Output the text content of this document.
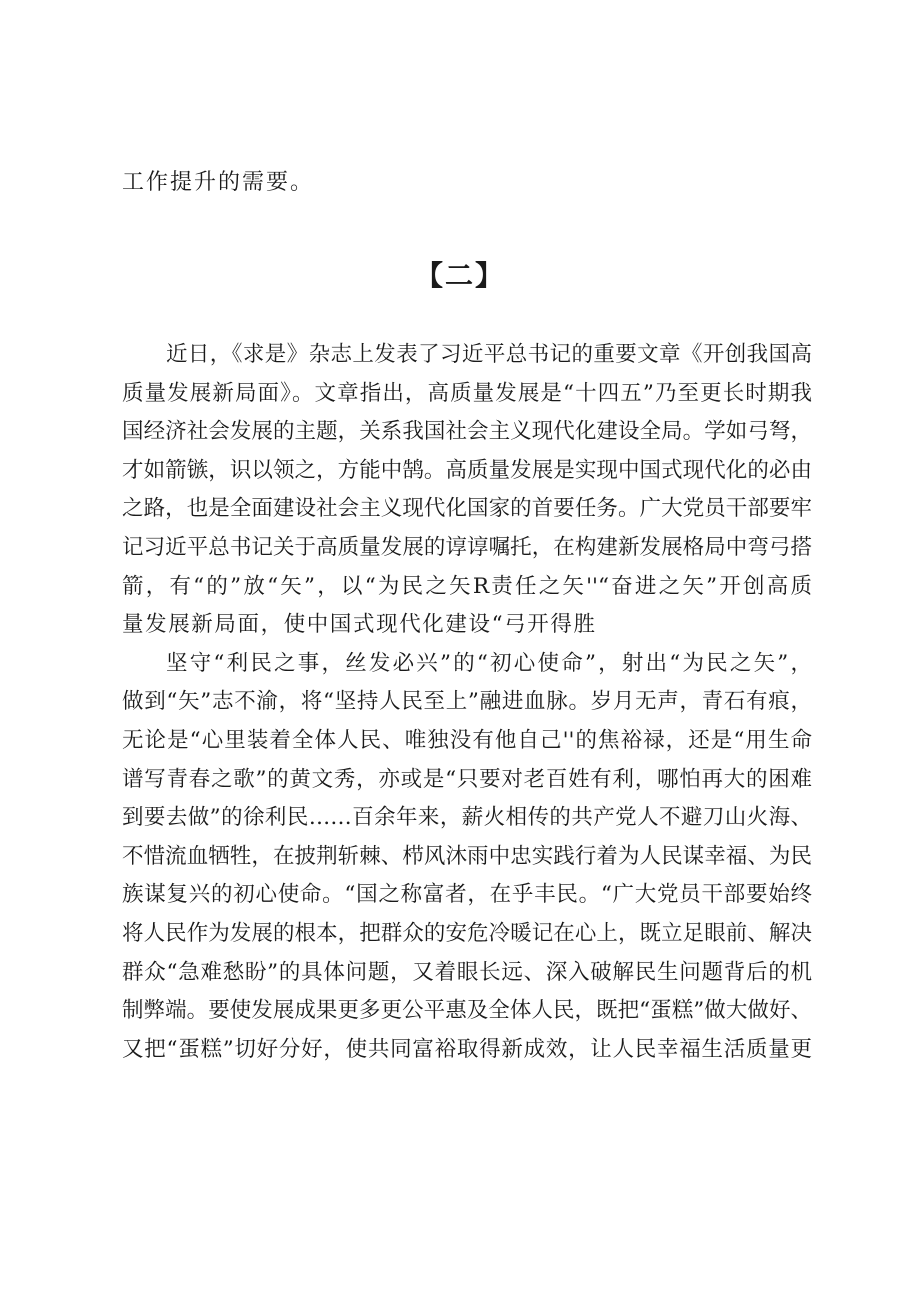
工作提升的需要。
【二】
近日，《求是》杂志上发表了习近平总书记的重要文章《开创我国高
质量发展新局面》。文章指出，高质量发展是“十四五”乃至更长时期我
国经济社会发展的主题，关系我国社会主义现代化建设全局。学如弓弩，
才如箭镞，识以领之，方能中鹄。高质量发展是实现中国式现代化的必由
之路，也是全面建设社会主义现代化国家的首要任务。广大党员干部要牢
记习近平总书记关于高质量发展的谆谆嘱托，在构建新发展格局中弯弓搭
箭，有“的”放“矢”，以“为民之矢R责任之矢''“奋进之矢”开创高质
量发展新局面，使中国式现代化建设“弓开得胜
坚守“利民之事，丝发必兴”的“初心使命”，射出“为民之矢”，
做到“矢”志不渝，将“坚持人民至上”融进血脉。岁月无声，青石有痕，
无论是“心里装着全体人民、唯独没有他自己''的焦裕禄，还是“用生命
谱写青春之歌”的黄文秀，亦或是“只要对老百姓有利，哪怕再大的困难
到要去做”的徐利民……百余年来，薪火相传的共产党人不避刀山火海、
不惜流血牺牲，在披荆斩棘、栉风沐雨中忠实践行着为人民谋幸福、为民
族谋复兴的初心使命。“国之称富者，在乎丰民。“广大党员干部要始终
将人民作为发展的根本，把群众的安危冷暖记在心上，既立足眼前、解决
群众“急难愁盼”的具体问题，又着眼长远、深入破解民生问题背后的机
制弊端。要使发展成果更多更公平惠及全体人民，既把“蛋糕”做大做好、
又把“蛋糕”切好分好，使共同富裕取得新成效，让人民幸福生活质量更
